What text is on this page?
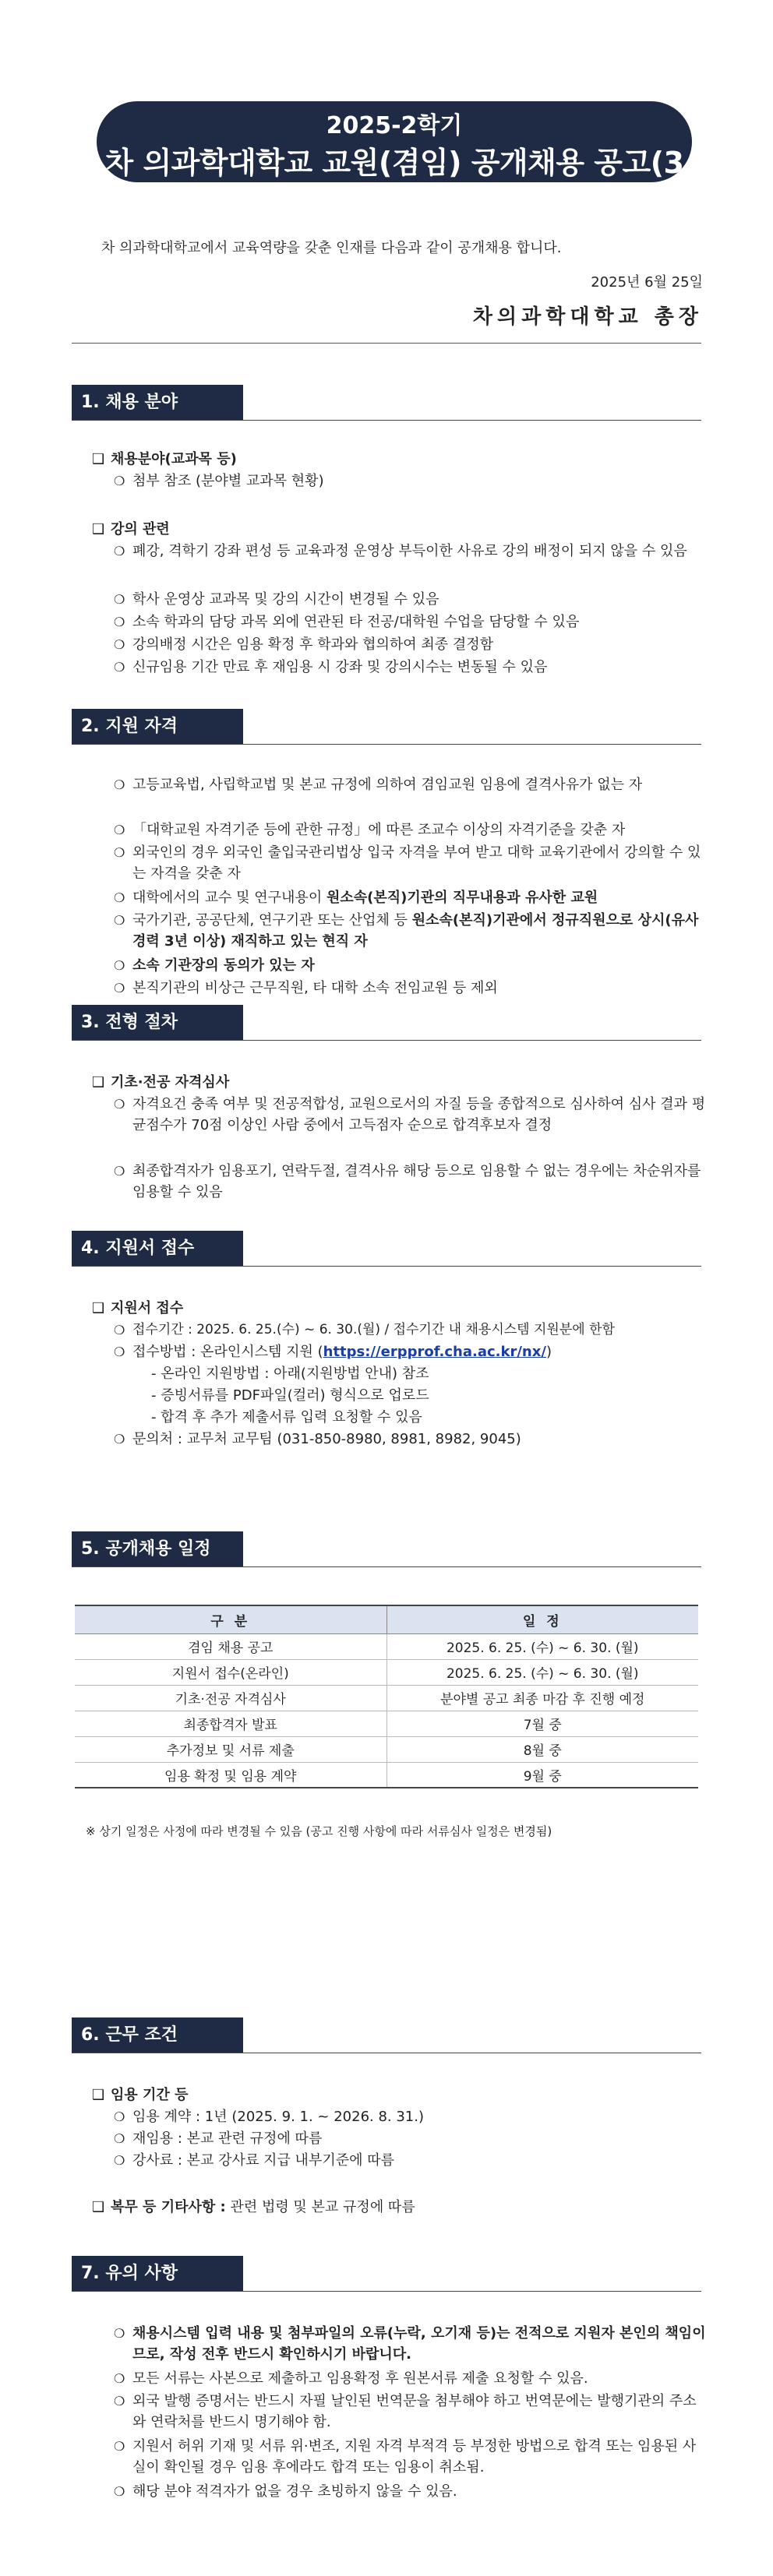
2025-2학기
차 의과학대학교 교원(겸임) 공개채용 공고(3차)
차 의과학대학교에서 교육역량을 갖춘 인재를 다음과 같이 공개채용 합니다.
2025년 6월 25일
차의과학대학교 총장
1. 채용 분야
❑ 채용분야(교과목 등)
❍ 첨부 참조 (분야별 교과목 현황)
❑ 강의 관련
❍ 폐강, 격학기 강좌 편성 등 교육과정 운영상 부득이한 사유로 강의 배정이 되지 않을 수 있음
❍ 학사 운영상 교과목 및 강의 시간이 변경될 수 있음
❍ 소속 학과의 담당 과목 외에 연관된 타 전공/대학원 수업을 담당할 수 있음
❍ 강의배정 시간은 임용 확정 후 학과와 협의하여 최종 결정함
❍ 신규임용 기간 만료 후 재임용 시 강좌 및 강의시수는 변동될 수 있음
2. 지원 자격
❍ 고등교육법, 사립학교법 및 본교 규정에 의하여 겸임교원 임용에 결격사유가 없는 자
❍ 「대학교원 자격기준 등에 관한 규정」에 따른 조교수 이상의 자격기준을 갖춘 자
❍ 외국인의 경우 외국인 출입국관리법상 입국 자격을 부여 받고 대학 교육기관에서 강의할 수 있는 자격을 갖춘 자
❍ 대학에서의 교수 및 연구내용이 원소속(본직)기관의 직무내용과 유사한 교원
❍ 국가기관, 공공단체, 연구기관 또는 산업체 등 원소속(본직)기관에서 정규직원으로 상시(유사경력 3년 이상) 재직하고 있는 현직 자
❍ 소속 기관장의 동의가 있는 자
❍ 본직기관의 비상근 근무직원, 타 대학 소속 전임교원 등 제외
3. 전형 절차
❑ 기초·전공 자격심사
❍ 자격요건 충족 여부 및 전공적합성, 교원으로서의 자질 등을 종합적으로 심사하여 심사 결과 평균점수가 70점 이상인 사람 중에서 고득점자 순으로 합격후보자 결정
❍ 최종합격자가 임용포기, 연락두절, 결격사유 해당 등으로 임용할 수 없는 경우에는 차순위자를 임용할 수 있음
4. 지원서 접수
❑ 지원서 접수
❍ 접수기간 : 2025. 6. 25.(수) ~ 6. 30.(월) / 접수기간 내 채용시스템 지원분에 한함
❍ 접수방법 : 온라인시스템 지원 (https://erpprof.cha.ac.kr/nx/)
- 온라인 지원방법 : 아래(지원방법 안내) 참조
- 증빙서류를 PDF파일(컬러) 형식으로 업로드
- 합격 후 추가 제출서류 입력 요청할 수 있음
❍ 문의처 : 교무처 교무팀 (031-850-8980, 8981, 8982, 9045)
5. 공개채용 일정
구 분	일 정
겸임 채용 공고	2025. 6. 25. (수) ~ 6. 30. (월)
지원서 접수(온라인)	2025. 6. 25. (수) ~ 6. 30. (월)
기초·전공 자격심사	분야별 공고 최종 마감 후 진행 예정
최종합격자 발표	7월 중
추가정보 및 서류 제출	8월 중
임용 확정 및 임용 계약	9월 중
※ 상기 일정은 사정에 따라 변경될 수 있음 (공고 진행 사항에 따라 서류심사 일정은 변경됨)
6. 근무 조건
❑ 임용 기간 등
❍ 임용 계약 : 1년 (2025. 9. 1. ~ 2026. 8. 31.)
❍ 재임용 : 본교 관련 규정에 따름
❍ 강사료 : 본교 강사료 지급 내부기준에 따름
❑ 복무 등 기타사항 : 관련 법령 및 본교 규정에 따름
7. 유의 사항
❍ 채용시스템 입력 내용 및 첨부파일의 오류(누락, 오기재 등)는 전적으로 지원자 본인의 책임이므로, 작성 전후 반드시 확인하시기 바랍니다.
❍ 모든 서류는 사본으로 제출하고 임용확정 후 원본서류 제출 요청할 수 있음.
❍ 외국 발행 증명서는 반드시 자필 날인된 번역문을 첨부해야 하고 번역문에는 발행기관의 주소와 연락처를 반드시 명기해야 함.
❍ 지원서 허위 기재 및 서류 위·변조, 지원 자격 부적격 등 부정한 방법으로 합격 또는 임용된 사실이 확인될 경우 임용 후에라도 합격 또는 임용이 취소됨.
❍ 해당 분야 적격자가 없을 경우 초빙하지 않을 수 있음.
